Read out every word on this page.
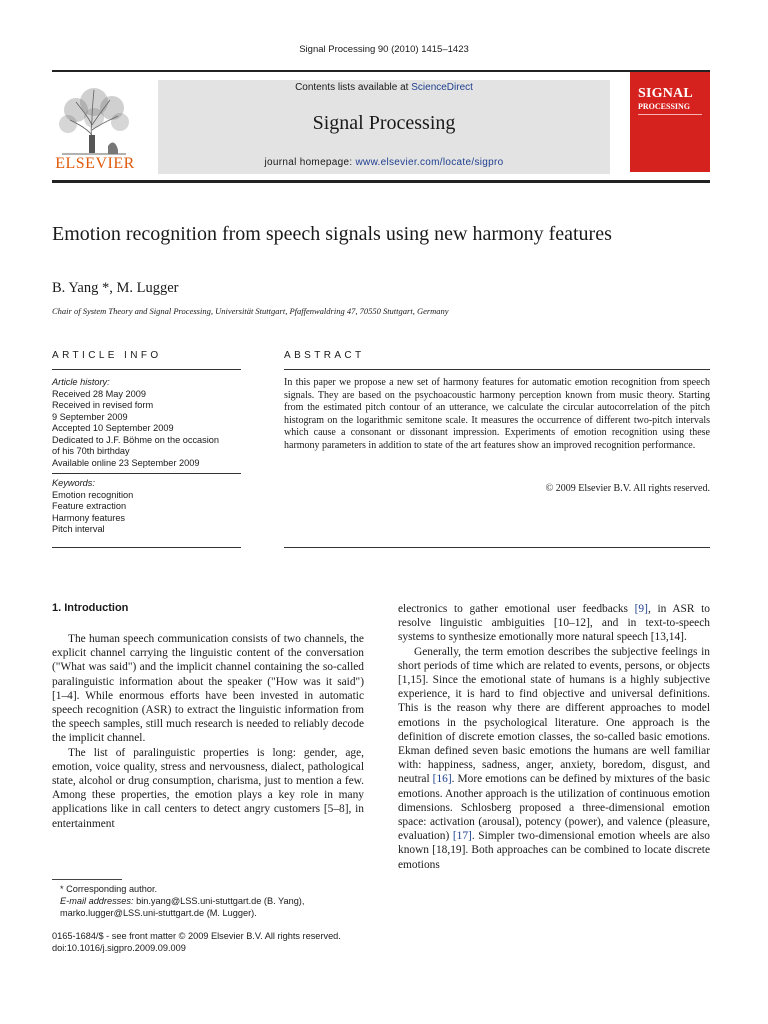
Signal Processing 90 (2010) 1415–1423
ELSEVIER
Contents lists available at ScienceDirect
Signal Processing
journal homepage: www.elsevier.com/locate/sigpro
SIGNAL
PROCESSING
Emotion recognition from speech signals using new harmony features
B. Yang *, M. Lugger
Chair of System Theory and Signal Processing, Universität Stuttgart, Pfaffenwaldring 47, 70550 Stuttgart, Germany
ARTICLE INFO	ABSTRACT
Article history:
Received 28 May 2009
Received in revised form
9 September 2009
Accepted 10 September 2009
Dedicated to J.F. Böhme on the occasion
of his 70th birthday
Available online 23 September 2009
Keywords:
Emotion recognition
Feature extraction
Harmony features
Pitch interval
In this paper we propose a new set of harmony features for automatic emotion recognition from speech signals. They are based on the psychoacoustic harmony perception known from music theory. Starting from the estimated pitch contour of an utterance, we calculate the circular autocorrelation of the pitch histogram on the logarithmic semitone scale. It measures the occurrence of different two-pitch intervals which cause a consonant or dissonant impression. Experiments of emotion recognition using these harmony parameters in addition to state of the art features show an improved recognition performance.
© 2009 Elsevier B.V. All rights reserved.
1. Introduction

The human speech communication consists of two channels, the explicit channel carrying the linguistic content of the conversation ("What was said") and the implicit channel containing the so-called paralinguistic information about the speaker ("How was it said") [1–4]. While enormous efforts have been invested in automatic speech recognition (ASR) to extract the linguistic information from the speech samples, still much research is needed to reliably decode the implicit channel.

The list of paralinguistic properties is long: gender, age, emotion, voice quality, stress and nervousness, dialect, pathological state, alcohol or drug consumption, charisma, just to mention a few. Among these properties, the emotion plays a key role in many applications like in call centers to detect angry customers [5–8], in entertainment

electronics to gather emotional user feedbacks [9], in ASR to resolve linguistic ambiguities [10–12], and in text-to-speech systems to synthesize emotionally more natural speech [13,14].

Generally, the term emotion describes the subjective feelings in short periods of time which are related to events, persons, or objects [1,15]. Since the emotional state of humans is a highly subjective experience, it is hard to find objective and universal definitions. This is the reason why there are different approaches to model emotions in the psychological literature. One approach is the definition of discrete emotion classes, the so-called basic emotions. Ekman defined seven basic emotions the humans are well familiar with: happiness, sadness, anger, anxiety, boredom, disgust, and neutral [16]. More emotions can be defined by mixtures of the basic emotions. Another approach is the utilization of continuous emotion dimensions. Schlosberg proposed a three-dimensional emotion space: activation (arousal), potency (power), and valence (pleasure, evaluation) [17]. Simpler two-dimensional emotion wheels are also known [18,19]. Both approaches can be combined to locate discrete emotions

* Corresponding author.
E-mail addresses: bin.yang@LSS.uni-stuttgart.de (B. Yang), marko.lugger@LSS.uni-stuttgart.de (M. Lugger).
0165-1684/$ - see front matter © 2009 Elsevier B.V. All rights reserved.
doi:10.1016/j.sigpro.2009.09.009
